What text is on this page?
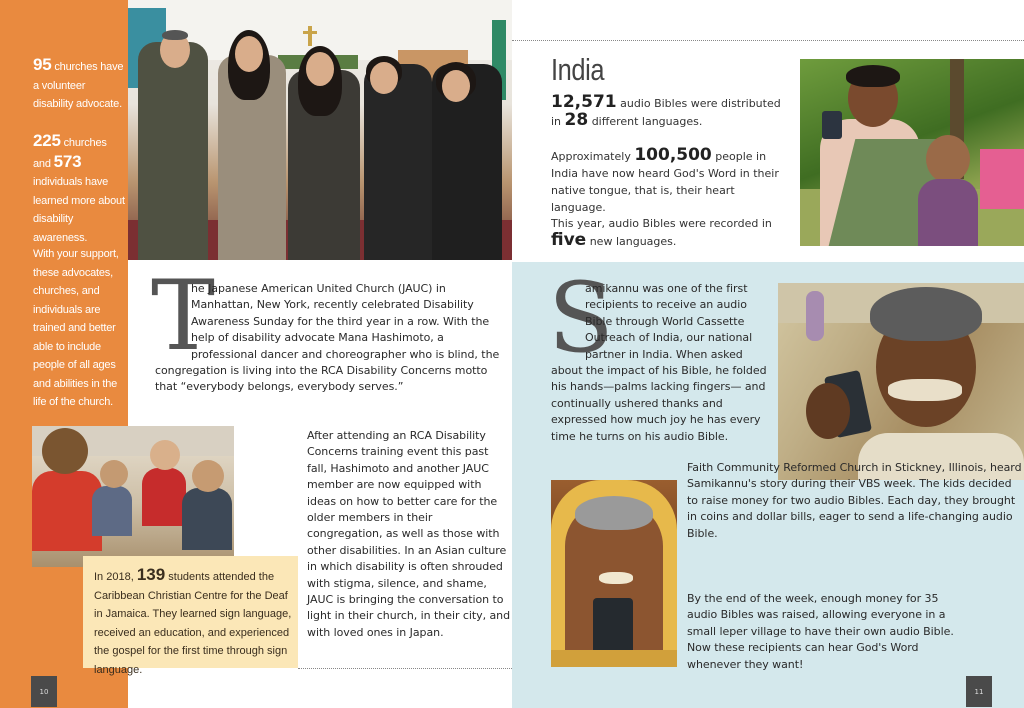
95 churches have a volunteer disability advocate.
225 churches and 573 individuals have learned more about disability awareness.
With your support, these advocates, churches, and individuals are trained and better able to include people of all ages and abilities in the life of the church.
10
T
he Japanese American United Church (JAUC) in Manhattan, New York, recently celebrated Disability Awareness Sunday for the third year in a row. With the help of disability advocate Mana Hashimoto, a professional dancer and choreographer who is blind, the congregation is living into the RCA Disability Concerns motto that “everybody belongs, everybody serves.”
After attending an RCA Disability Concerns training event this past fall, Hashimoto and another JAUC member are now equipped with ideas on how to better care for the older members in their congregation, as well as those with other disabilities. In an Asian culture in which disability is often shrouded with stigma, silence, and shame, JAUC is bringing the conversation to light in their church, in their city, and with loved ones in Japan.
In 2018, 139 students attended the Caribbean Christian Centre for the Deaf in Jamaica. They learned sign language, received an education, and experienced the gospel for the first time through sign language.
India
12,571 audio Bibles were distributed in 28 different languages.
Approximately 100,500 people in India have now heard God's Word in their native tongue, that is, their heart language.
This year, audio Bibles were recorded in five new languages.
S
amikannu was one of the first recipients to receive an audio Bible through World Cassette Outreach of India, our national partner in India. When asked about the impact of his Bible, he folded his hands—palms lacking fingers— and continually ushered thanks and expressed how much joy he has every time he turns on his audio Bible.
Faith Community Reformed Church in Stickney, Illinois, heard Samikannu's story during their VBS week. The kids decided to raise money for two audio Bibles. Each day, they brought in coins and dollar bills, eager to send a life-changing audio Bible.
By the end of the week, enough money for 35 audio Bibles was raised, allowing everyone in a small leper village to have their own audio Bible. Now these recipients can hear God's Word whenever they want!
11
